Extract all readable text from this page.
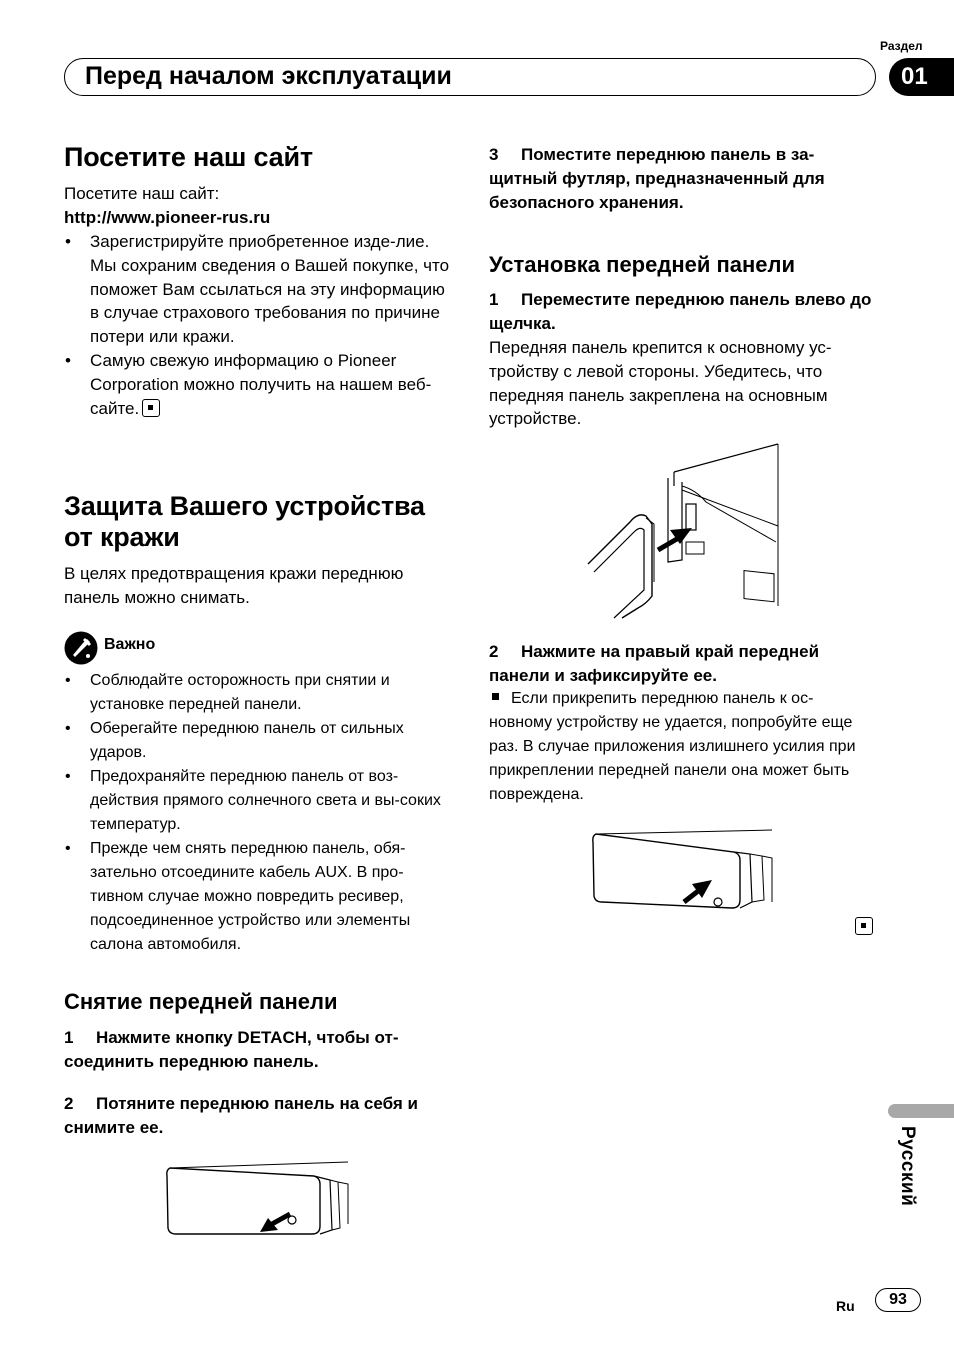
Раздел
01
Перед началом эксплуатации
Посетите наш сайт
Посетите наш сайт:
http://www.pioneer-rus.ru
• Зарегистрируйте приобретенное изде-лие. Мы сохраним сведения о Вашей покупке, что поможет Вам ссылаться на эту информацию в случае страхового требования по причине потери или кражи.
• Самую свежую информацию о Pioneer Corporation можно получить на нашем веб-сайте.
Защита Вашего устройства
от кражи
В целях предотвращения кражи переднюю панель можно снимать.
Важно
• Соблюдайте осторожность при снятии и установке передней панели.
• Оберегайте переднюю панель от сильных ударов.
• Предохраняйте переднюю панель от воз-действия прямого солнечного света и вы-соких температур.
• Прежде чем снять переднюю панель, обя-зательно отсоедините кабель AUX. В про-тивном случае можно повредить ресивер, подсоединенное устройство или элементы салона автомобиля.
Снятие передней панели
1 Нажмите кнопку DETACH, чтобы от-соединить переднюю панель.
2 Потяните переднюю панель на себя и снимите ее.
3 Поместите переднюю панель в за-щитный футляр, предназначенный для безопасного хранения.
Установка передней панели
1 Переместите переднюю панель влево до щелчка.
Передняя панель крепится к основному ус-тройству с левой стороны. Убедитесь, что передняя панель закреплена на основным устройстве.
2 Нажмите на правый край передней панели и зафиксируйте ее.
Если прикрепить переднюю панель к ос-новному устройству не удается, попробуйте еще раз. В случае приложения излишнего усилия при прикреплении передней панели она может быть повреждена.
Русский
Ru	93
